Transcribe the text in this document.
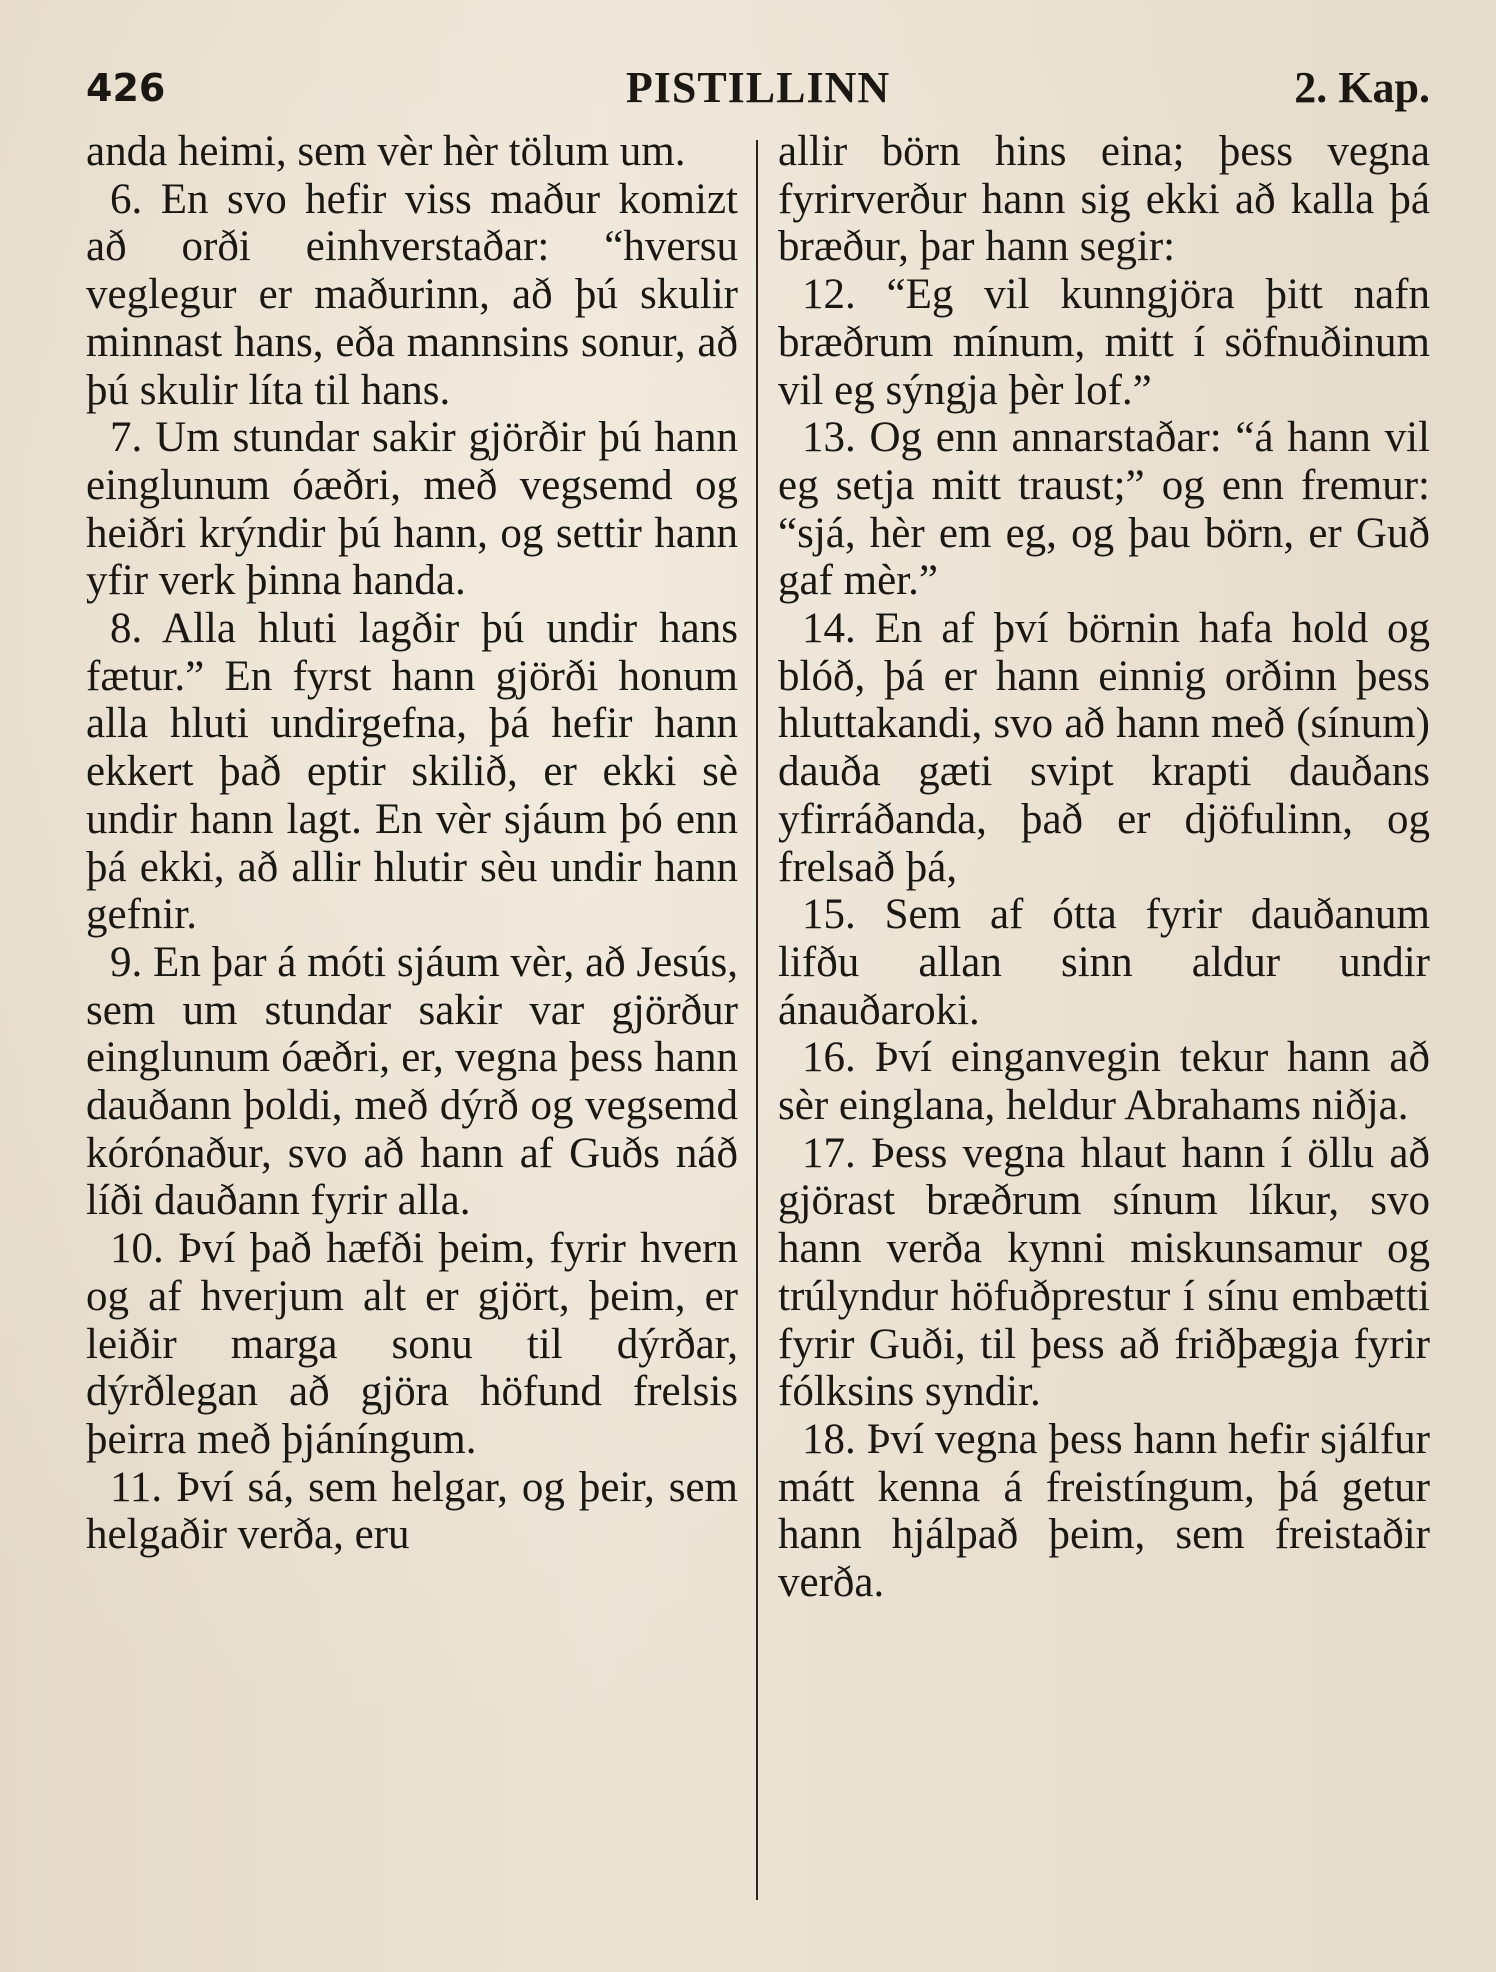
426	PISTILLINN	2. Kap.

anda heimi, sem vèr hèr tölum um.

6. En svo hefir viss maður komizt að orði einhverstaðar: “hversu veglegur er maðurinn, að þú skulir minnast hans, eða mannsins sonur, að þú skulir líta til hans.

7. Um stundar sakir gjörðir þú hann einglunum óæðri, með vegsemd og heiðri krýndir þú hann, og settir hann yfir verk þinna handa.

8. Alla hluti lagðir þú undir hans fætur.” En fyrst hann gjörði honum alla hluti undirgefna, þá hefir hann ekkert það eptir skilið, er ekki sè undir hann lagt. En vèr sjáum þó enn þá ekki, að allir hlutir sèu undir hann gefnir.

9. En þar á móti sjáum vèr, að Jesús, sem um stundar sakir var gjörður einglunum óæðri, er, vegna þess hann dauðann þoldi, með dýrð og vegsemd kórónaður, svo að hann af Guðs náð líði dauðann fyrir alla.

10. Því það hæfði þeim, fyrir hvern og af hverjum alt er gjört, þeim, er leiðir marga sonu til dýrðar, dýrðlegan að gjöra höfund frelsis þeirra með þjáníngum.

11. Því sá, sem helgar, og þeir, sem helgaðir verða, eru

allir börn hins eina; þess vegna fyrirverður hann sig ekki að kalla þá bræður, þar hann segir:

12. “Eg vil kunngjöra þitt nafn bræðrum mínum, mitt í söfnuðinum vil eg sýngja þèr lof.”

13. Og enn annarstaðar: “á hann vil eg setja mitt traust;” og enn fremur: “sjá, hèr em eg, og þau börn, er Guð gaf mèr.”

14. En af því börnin hafa hold og blóð, þá er hann einnig orðinn þess hluttakandi, svo að hann með (sínum) dauða gæti svipt krapti dauðans yfirráðanda, það er djöfulinn, og frelsað þá,

15. Sem af ótta fyrir dauðanum lifðu allan sinn aldur undir ánauðaroki.

16. Því einganvegin tekur hann að sèr einglana, heldur Abrahams niðja.

17. Þess vegna hlaut hann í öllu að gjörast bræðrum sínum líkur, svo hann verða kynni miskunsamur og trúlyndur höfuðprestur í sínu embætti fyrir Guði, til þess að friðþægja fyrir fólksins syndir.

18. Því vegna þess hann hefir sjálfur mátt kenna á freistíngum, þá getur hann hjálpað þeim, sem freistaðir verða.
